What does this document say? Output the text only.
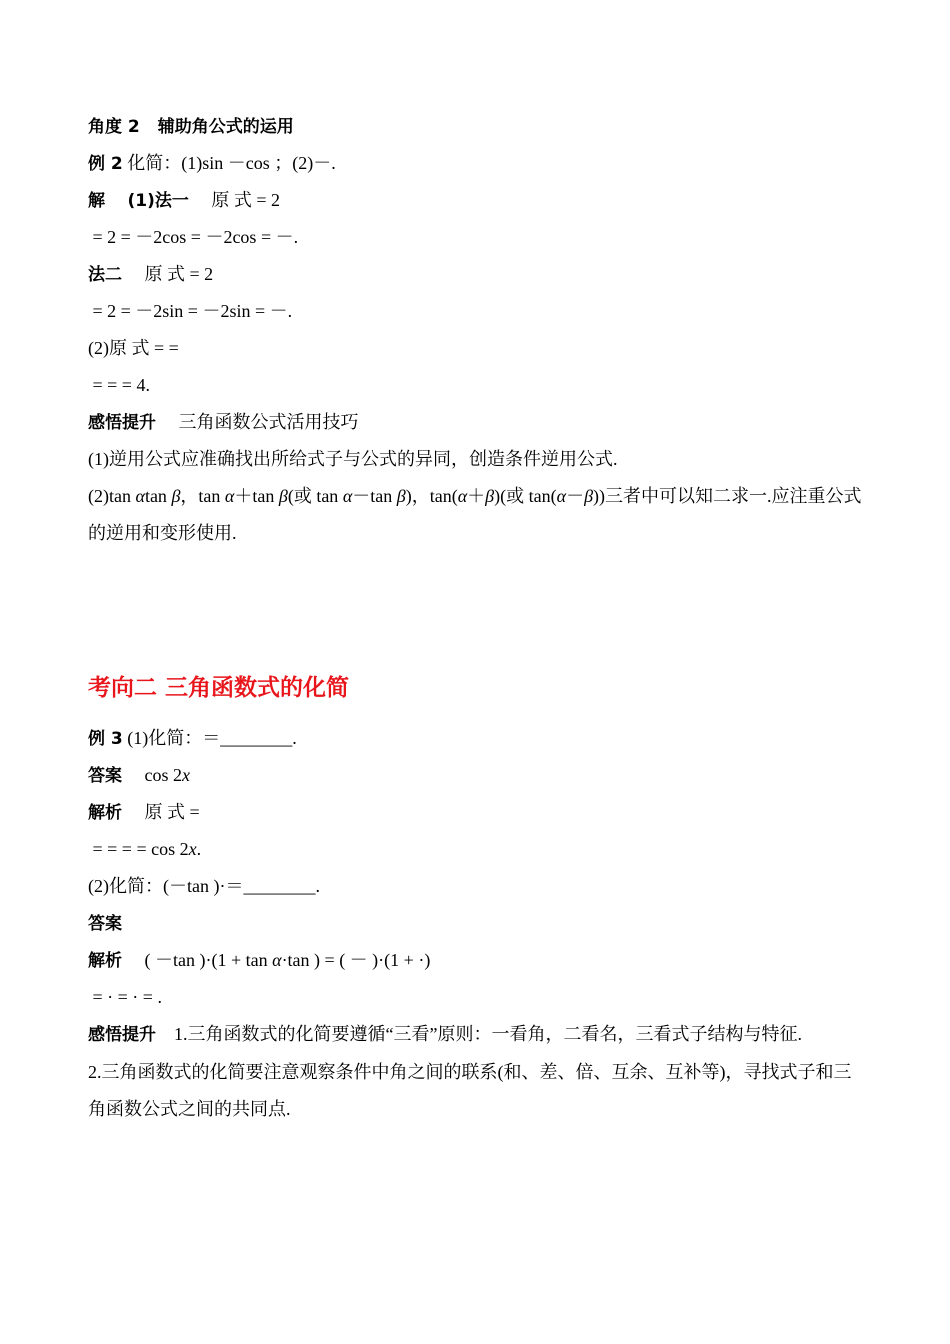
角度 2 辅助角公式的运用
例 2 化简：(1)sin －cos ；(2)－.
解 (1)法一 原 式 = 2
= 2 = －2cos = －2cos = －.
法二 原 式 = 2
= 2 = －2sin = －2sin = －.
(2)原 式 = =
= = = 4.
感悟提升 三角函数公式活用技巧
(1)逆用公式应准确找出所给式子与公式的异同，创造条件逆用公式.
(2)tan αtan β，tan α＋tan β(或 tan α－tan β)，tan(α＋β)(或 tan(α－β))三者中可以知二求一.应注重公式的逆用和变形使用.
考向二 三角函数式的化简
例 3 (1)化简：＝________.
答案 cos 2x
解析 原 式 =
= = = = cos 2x.
(2)化简：(－tan )·＝________.
答案
解析 ( －tan )·(1 + tan α·tan ) = ( － )·(1 + ·)
= · = · = .
感悟提升 1.三角函数式的化简要遵循“三看”原则：一看角，二看名，三看式子结构与特征.
2.三角函数式的化简要注意观察条件中角之间的联系(和、差、倍、互余、互补等)，寻找式子和三角函数公式之间的共同点.
